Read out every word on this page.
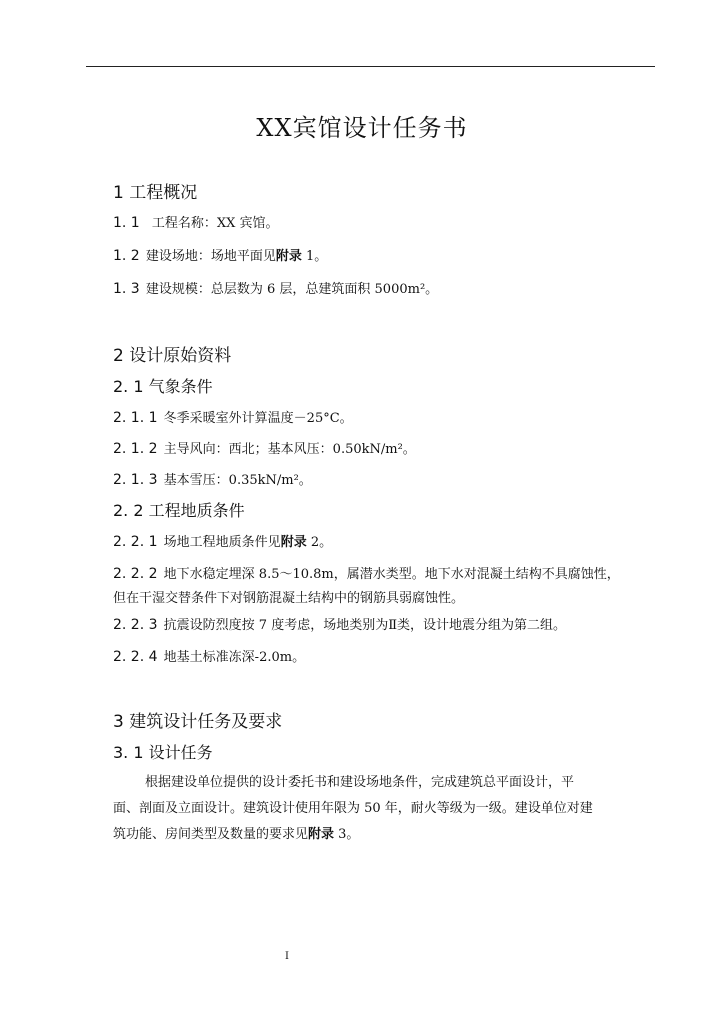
XX宾馆设计任务书
1 工程概况
1. 1 工程名称：XX 宾馆。
1. 2 建设场地：场地平面见附录 1。
1. 3 建设规模：总层数为 6 层，总建筑面积 5000m²。
2 设计原始资料
2. 1 气象条件
2. 1. 1 冬季采暖室外计算温度－25°C。
2. 1. 2 主导风向：西北；基本风压：0.50kN/m²。
2. 1. 3 基本雪压：0.35kN/m²。
2. 2 工程地质条件
2. 2. 1 场地工程地质条件见附录 2。
2. 2. 2 地下水稳定埋深 8.5～10.8m，属潜水类型。地下水对混凝土结构不具腐蚀性，
但在干湿交替条件下对钢筋混凝土结构中的钢筋具弱腐蚀性。
2. 2. 3 抗震设防烈度按 7 度考虑，场地类别为Ⅱ类，设计地震分组为第二组。
2. 2. 4 地基土标准冻深-2.0m。
3 建筑设计任务及要求
3. 1 设计任务
根据建设单位提供的设计委托书和建设场地条件，完成建筑总平面设计，平
面、剖面及立面设计。建筑设计使用年限为 50 年，耐火等级为一级。建设单位对建
筑功能、房间类型及数量的要求见附录 3。
I
